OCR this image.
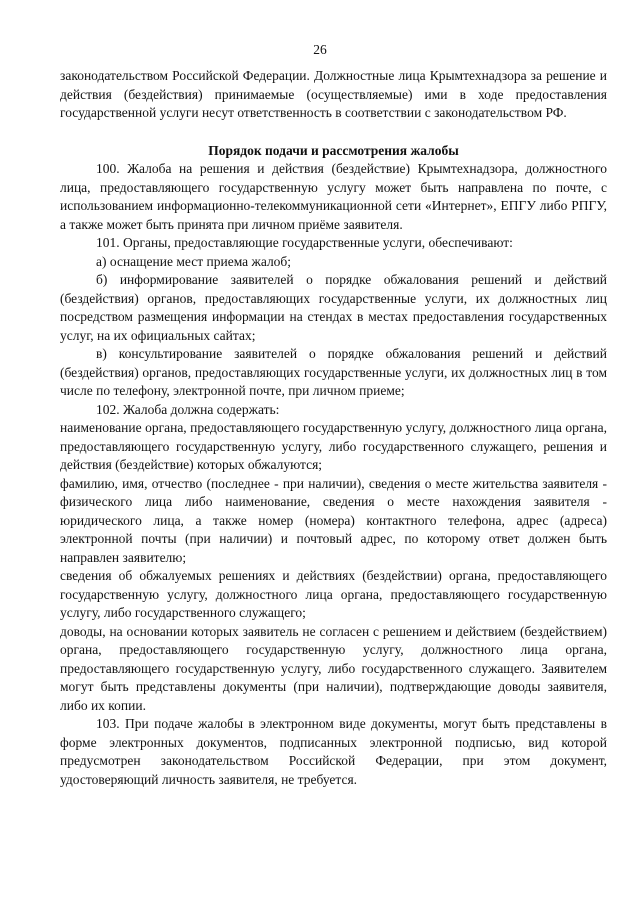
26

законодательством Российской Федерации. Должностные лица Крымтехнадзора за решение и действия (бездействия) принимаемые (осуществляемые) ими в ходе предоставления государственной услуги несут ответственность в соответствии с законодательством РФ.

Порядок подачи и рассмотрения жалобы

100. Жалоба на решения и действия (бездействие) Крымтехнадзора, должностного лица, предоставляющего государственную услугу может быть направлена по почте, с использованием информационно-телекоммуникационной сети «Интернет», ЕПГУ либо РПГУ, а также может быть принята при личном приёме заявителя.

101. Органы, предоставляющие государственные услуги, обеспечивают:

а) оснащение мест приема жалоб;

б) информирование заявителей о порядке обжалования решений и действий (бездействия) органов, предоставляющих государственные услуги, их должностных лиц посредством размещения информации на стендах в местах предоставления государственных услуг, на их официальных сайтах;

в) консультирование заявителей о порядке обжалования решений и действий (бездействия) органов, предоставляющих государственные услуги, их должностных лиц в том числе по телефону, электронной почте, при личном приеме;

102. Жалоба должна содержать:

наименование органа, предоставляющего государственную услугу, должностного лица органа, предоставляющего государственную услугу, либо государственного служащего, решения и действия (бездействие) которых обжалуются;

фамилию, имя, отчество (последнее - при наличии), сведения о месте жительства заявителя - физического лица либо наименование, сведения о месте нахождения заявителя - юридического лица, а также номер (номера) контактного телефона, адрес (адреса) электронной почты (при наличии) и почтовый адрес, по которому ответ должен быть направлен заявителю;

сведения об обжалуемых решениях и действиях (бездействии) органа, предоставляющего государственную услугу, должностного лица органа, предоставляющего государственную услугу, либо государственного служащего;

доводы, на основании которых заявитель не согласен с решением и действием (бездействием) органа, предоставляющего государственную услугу, должностного лица органа, предоставляющего государственную услугу, либо государственного служащего. Заявителем могут быть представлены документы (при наличии), подтверждающие доводы заявителя, либо их копии.

103. При подаче жалобы в электронном виде документы, могут быть представлены в форме электронных документов, подписанных электронной подписью, вид которой предусмотрен законодательством Российской Федерации, при этом документ, удостоверяющий личность заявителя, не требуется.
